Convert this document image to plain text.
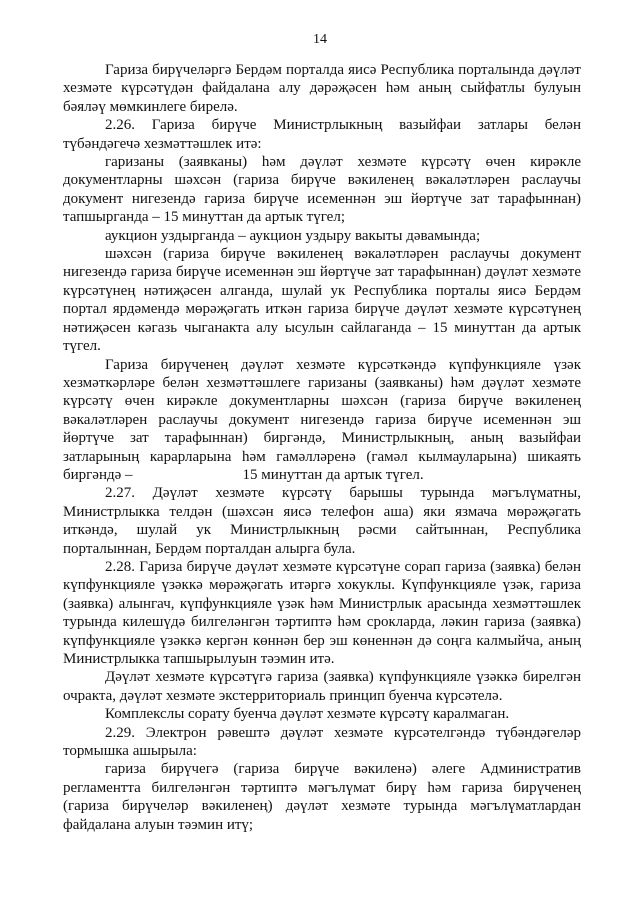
14

Гариза бирүчеләргә Бердәм порталда яисә Республика порталында дәүләт хезмәте күрсәтүдән файдалана алу дәрәҗәсен һәм аның сыйфатлы булуын бәяләү мөмкинлеге бирелә.

2.26. Гариза бирүче Министрлыкның вазыйфаи затлары белән түбәндәгечә хезмәттәшлек итә:

гаризаны (заявканы) һәм дәүләт хезмәте күрсәтү өчен кирәкле документларны шәхсән (гариза бирүче вәкиленең вәкаләтләрен раслаучы документ нигезендә гариза бирүче исеменнән эш йөртүче зат тарафыннан) тапшырганда – 15 минуттан да артык түгел;

аукцион уздырганда – аукцион уздыру вакыты дәвамында;

шәхсән (гариза бирүче вәкиленең вәкаләтләрен раслаучы документ нигезендә гариза бирүче исеменнән эш йөртүче зат тарафыннан) дәүләт хезмәте күрсәтүнең нәтиҗәсен алганда, шулай ук Республика порталы яисә Бердәм портал ярдәмендә мөрәҗәгать иткән гариза бирүче дәүләт хезмәте күрсәтүнең нәтиҗәсен кәгазь чыганакта алу ысулын сайлаганда – 15 минуттан да артык түгел.

Гариза бирүченең дәүләт хезмәте күрсәткәндә күпфункцияле үзәк хезмәткәрләре белән хезмәттәшлеге гаризаны (заявканы) һәм дәүләт хезмәте күрсәтү өчен кирәкле документларны шәхсән (гариза бирүче вәкиленең вәкаләтләрен раслаучы документ нигезендә гариза бирүче исеменнән эш йөртүче зат тарафыннан) биргәндә, Министрлыкның, аның вазыйфаи затларының карарларына һәм гамәлләренә (гамәл кылмауларына) шикаять биргәндә –	15 минуттан да артык түгел.

2.27. Дәүләт хезмәте күрсәтү барышы турында мәгълүматны, Министрлыкка телдән (шәхсән яисә телефон аша) яки язмача мөрәҗәгать иткәндә, шулай ук Министрлыкның рәсми сайтыннан, Республика порталыннан, Бердәм порталдан алырга була.

2.28. Гариза бирүче дәүләт хезмәте күрсәтүне сорап гариза (заявка) белән күпфункцияле үзәккә мөрәҗәгать итәргә хокуклы. Күпфункцияле үзәк, гариза (заявка) алынгач, күпфункцияле үзәк һәм Министрлык арасында хезмәттәшлек турында килешүдә билгеләнгән тәртиптә һәм срокларда, ләкин гариза (заявка) күпфункцияле үзәккә кергән көннән бер эш көненнән дә соңга калмыйча, аның Министрлыкка тапшырылуын тәэмин итә.

Дәүләт хезмәте күрсәтүгә гариза (заявка) күпфункцияле үзәккә бирелгән очракта, дәүләт хезмәте экстерриториаль принцип буенча күрсәтелә.

Комплекслы сорату буенча дәүләт хезмәте күрсәтү каралмаган.

2.29. Электрон рәвештә дәүләт хезмәте күрсәтелгәндә түбәндәгеләр тормышка ашырыла:

гариза бирүчегә (гариза бирүче вәкиленә) әлеге Административ регламентта билгеләнгән тәртиптә мәгълүмат бирү һәм гариза бирүченең (гариза бирүчеләр вәкиленең) дәүләт хезмәте турында мәгълүматлардан файдалана алуын тәэмин итү;
